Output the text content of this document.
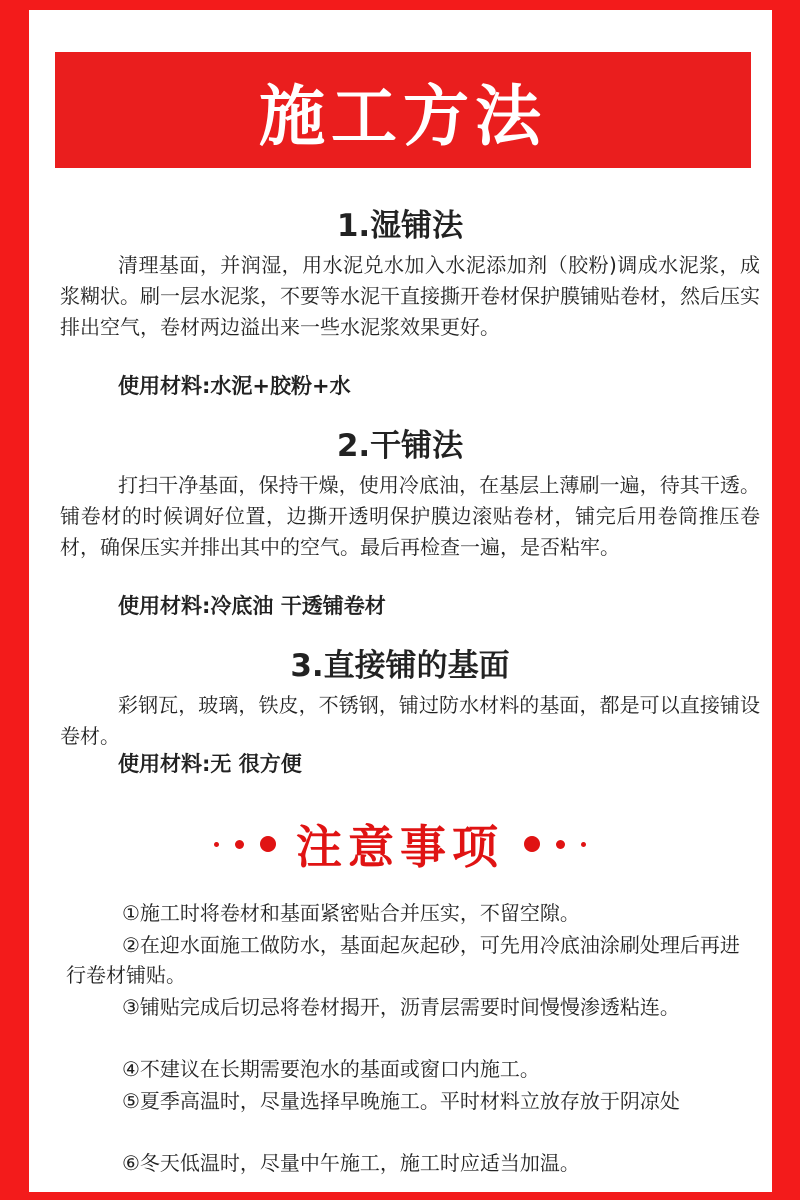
施工方法
1.湿铺法
清理基面，并润湿，用水泥兑水加入水泥添加剂（胶粉)调成水泥浆，成浆糊状。刷一层水泥浆，不要等水泥干直接撕开卷材保护膜铺贴卷材，然后压实排出空气，卷材两边溢出来一些水泥浆效果更好。
使用材料:水泥+胶粉+水
2.干铺法
打扫干净基面，保持干燥，使用冷底油，在基层上薄刷一遍，待其干透。铺卷材的时候调好位置，边撕开透明保护膜边滚贴卷材，铺完后用卷筒推压卷材，确保压实并排出其中的空气。最后再检查一遍，是否粘牢。
使用材料:冷底油 干透铺卷材
3.直接铺的基面
彩钢瓦，玻璃，铁皮，不锈钢，铺过防水材料的基面，都是可以直接铺设卷材。
使用材料:无 很方便
注意事项
①施工时将卷材和基面紧密贴合并压实，不留空隙。
②在迎水面施工做防水，基面起灰起砂，可先用冷底油涂刷处理后再进行卷材铺贴。
③铺贴完成后切忌将卷材揭开，沥青层需要时间慢慢渗透粘连。
④不建议在长期需要泡水的基面或窗口内施工。
⑤夏季高温时，尽量选择早晚施工。平时材料立放存放于阴凉处
⑥冬天低温时，尽量中午施工，施工时应适当加温。
